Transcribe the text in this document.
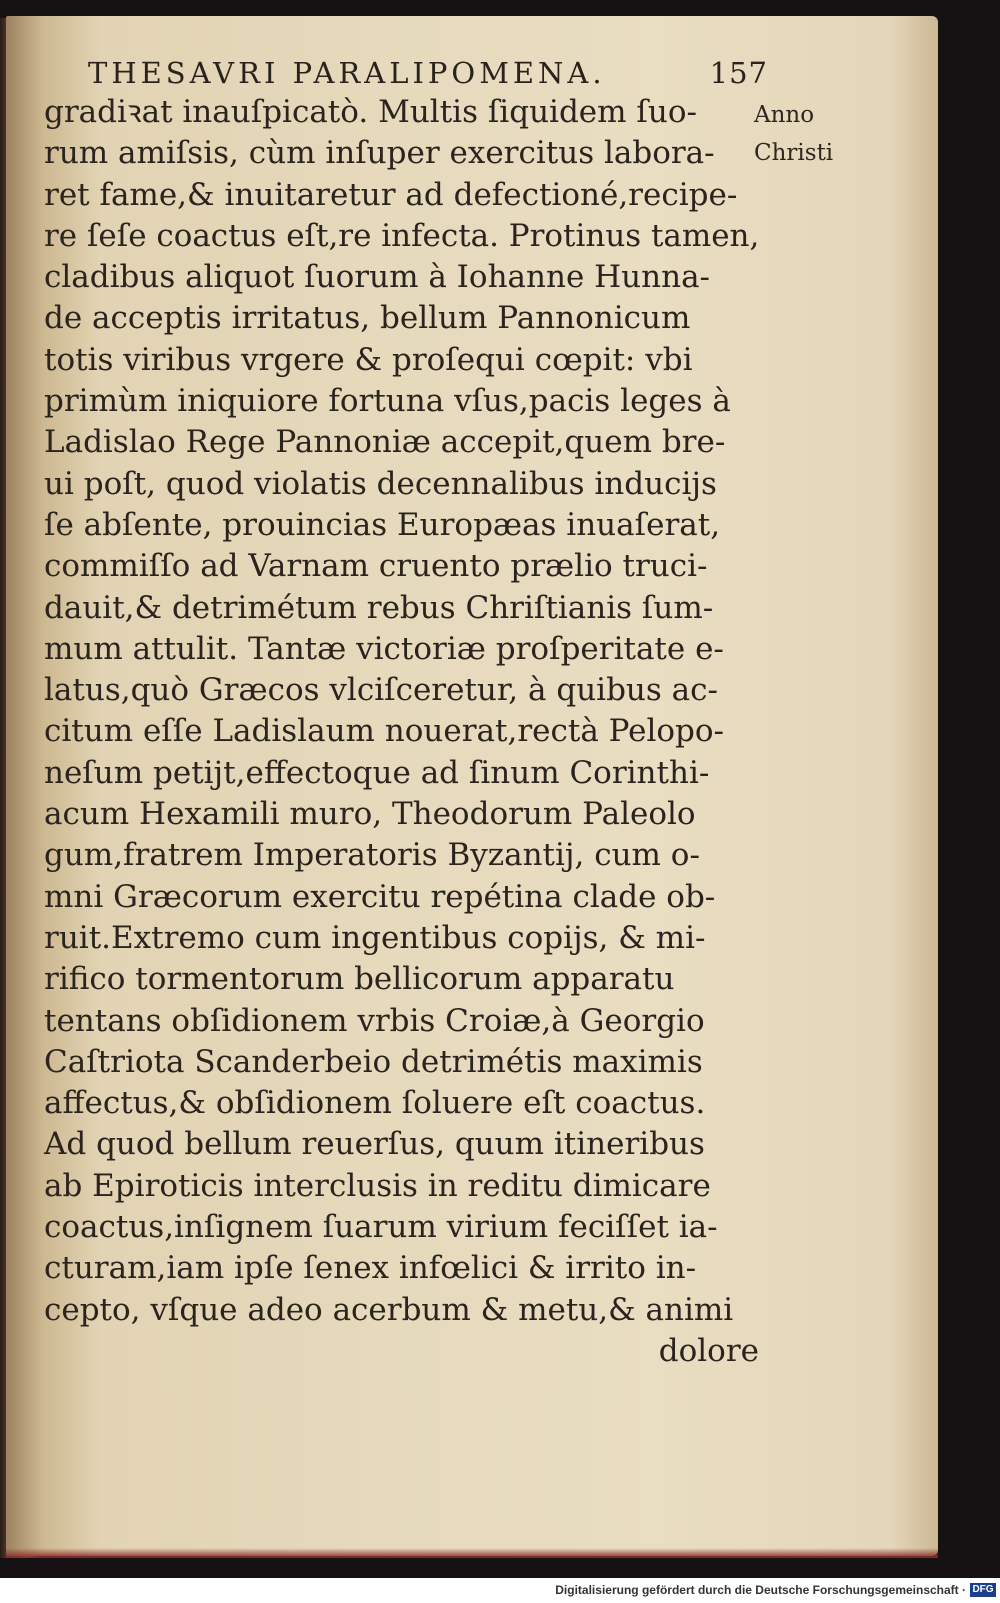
THESAVRI PARALIPOMENA.	157
Anno
Christi
gradiꝛat inauſpicatò. Multis ſiquidem ſuo-
rum amiſsis, cùm inſuper exercitus labora-
ret fame,& inuitaretur ad defectioné,recipe-
re ſeſe coactus eſt,re infecta. Protinus tamen,
cladibus aliquot ſuorum à Iohanne Hunna-
de acceptis irritatus, bellum Pannonicum
totis viribus vrgere & proſequi cœpit: vbi
primùm iniquiore fortuna vſus,pacis leges à
Ladislao Rege Pannoniæ accepit,quem bre-
ui poſt, quod violatis decennalibus inducijs
ſe abſente, prouincias Europæas inuaſerat,
commiſſo ad Varnam cruento prælio truci-
dauit,& detrimétum rebus Chriſtianis ſum-
mum attulit. Tantæ victoriæ proſperitate e-
latus,quò Græcos vlciſceretur, à quibus ac-
citum eſſe Ladislaum nouerat,rectà Pelopo-
neſum petijt,effectoque ad ſinum Corinthi-
acum Hexamili muro, Theodorum Paleolo
gum,fratrem Imperatoris Byzantij, cum o-
mni Græcorum exercitu repétina clade ob-
ruit.Extremo cum ingentibus copijs, & mi-
rifico tormentorum bellicorum apparatu
tentans obſidionem vrbis Croiæ,à Georgio
Caſtriota Scanderbeio detrimétis maximis
affectus,& obſidionem ſoluere eſt coactus.
Ad quod bellum reuerſus, quum itineribus
ab Epiroticis interclusis in reditu dimicare
coactus,inſignem ſuarum virium feciſſet ia-
cturam,iam ipſe ſenex infœlici & irrito in-
cepto, vſque adeo acerbum & metu,& animi
dolore
Digitalisierung gefördert durch die Deutsche Forschungsgemeinschaft · DFG
